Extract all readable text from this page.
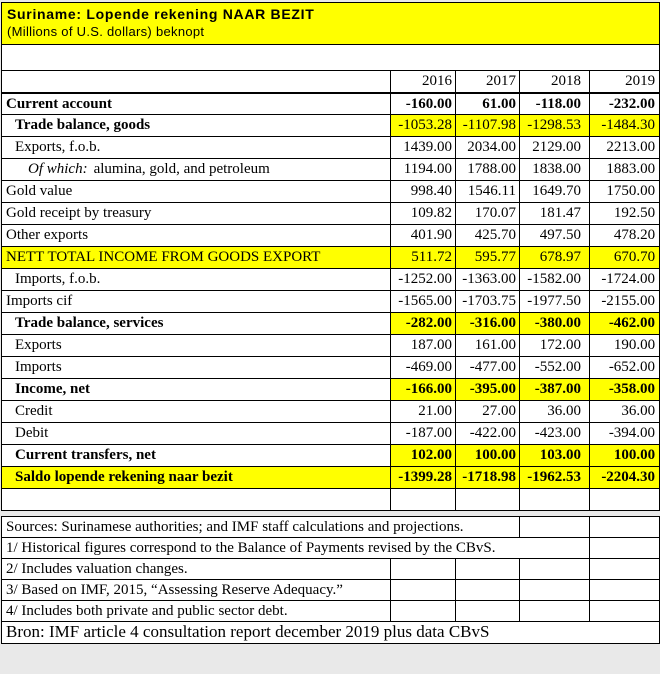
Suriname: Lopende rekening NAAR BEZIT
(Millions of U.S. dollars) beknopt				

	2016	2017	2018	2019
Current account	-160.00	61.00	-118.00	-232.00
Trade balance, goods	-1053.28	-1107.98	-1298.53	-1484.30
Exports, f.o.b.	1439.00	2034.00	2129.00	2213.00
Of which: alumina, gold, and petroleum	1194.00	1788.00	1838.00	1883.00
Gold value	998.40	1546.11	1649.70	1750.00
Gold receipt by treasury	109.82	170.07	181.47	192.50
Other exports	401.90	425.70	497.50	478.20
NETT TOTAL INCOME FROM GOODS EXPORT	511.72	595.77	678.97	670.70
Imports, f.o.b.	-1252.00	-1363.00	-1582.00	-1724.00
Imports cif	-1565.00	-1703.75	-1977.50	-2155.00
Trade balance, services	-282.00	-316.00	-380.00	-462.00
Exports	187.00	161.00	172.00	190.00
Imports	-469.00	-477.00	-552.00	-652.00
Income, net	-166.00	-395.00	-387.00	-358.00
Credit	21.00	27.00	36.00	36.00
Debit	-187.00	-422.00	-423.00	-394.00
Current transfers, net	102.00	100.00	103.00	100.00
Saldo lopende rekening naar bezit	-1399.28	-1718.98	-1962.53	-2204.30

Sources: Surinamese authorities; and IMF staff calculations and projections.				
1/ Historical figures correspond to the Balance of Payments revised by the CBvS.				
2/ Includes valuation changes.				
3/ Based on IMF, 2015, “Assessing Reserve Adequacy.”				
4/ Includes both private and public sector debt.				
Bron: IMF article 4 consultation report december 2019 plus data CBvS				
